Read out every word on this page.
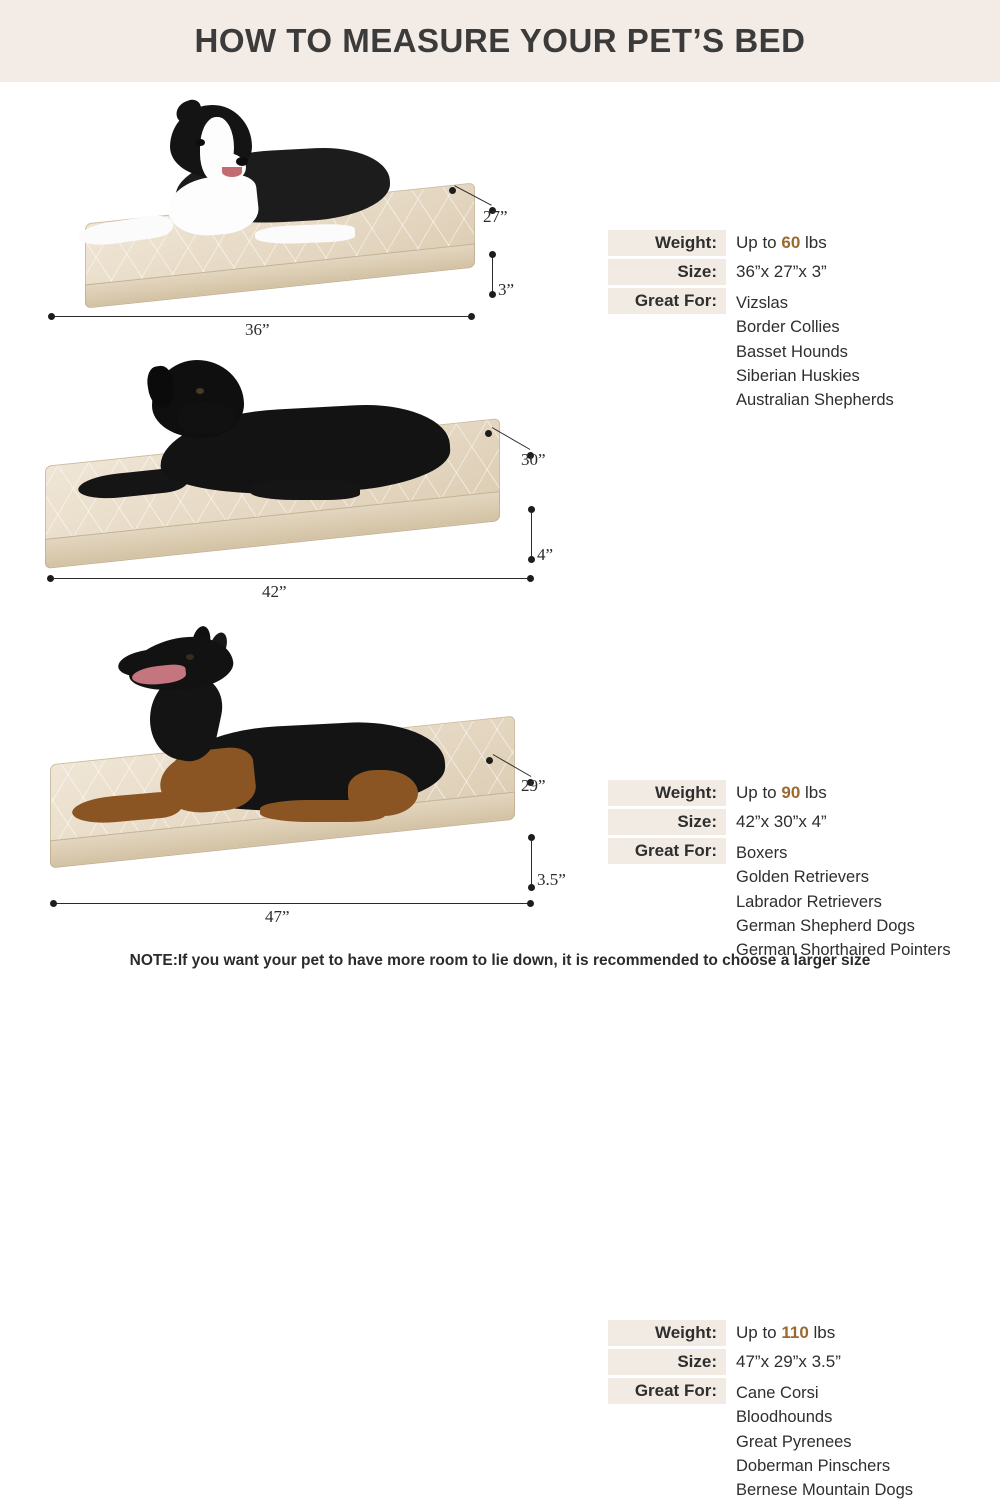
HOW TO MEASURE YOUR PET’S BED
36”
27”
3”
Weight:	Up to 60 lbs
Size:	36”x 27”x 3”
Great For:	Vizslas
Border Collies
Basset Hounds
Siberian Huskies
Australian Shepherds
42”
30”
4”
Weight:	Up to 90 lbs
Size:	42”x 30”x 4”
Great For:	Boxers
Golden Retrievers
Labrador Retrievers
German Shepherd Dogs
German Shorthaired Pointers
47”
29”
3.5”
Weight:	Up to 110 lbs
Size:	47”x 29”x 3.5”
Great For:	Cane Corsi
Bloodhounds
Great Pyrenees
Doberman Pinschers
Bernese Mountain Dogs
NOTE:If you want your pet to have more room to lie down, it is recommended to choose a larger size
